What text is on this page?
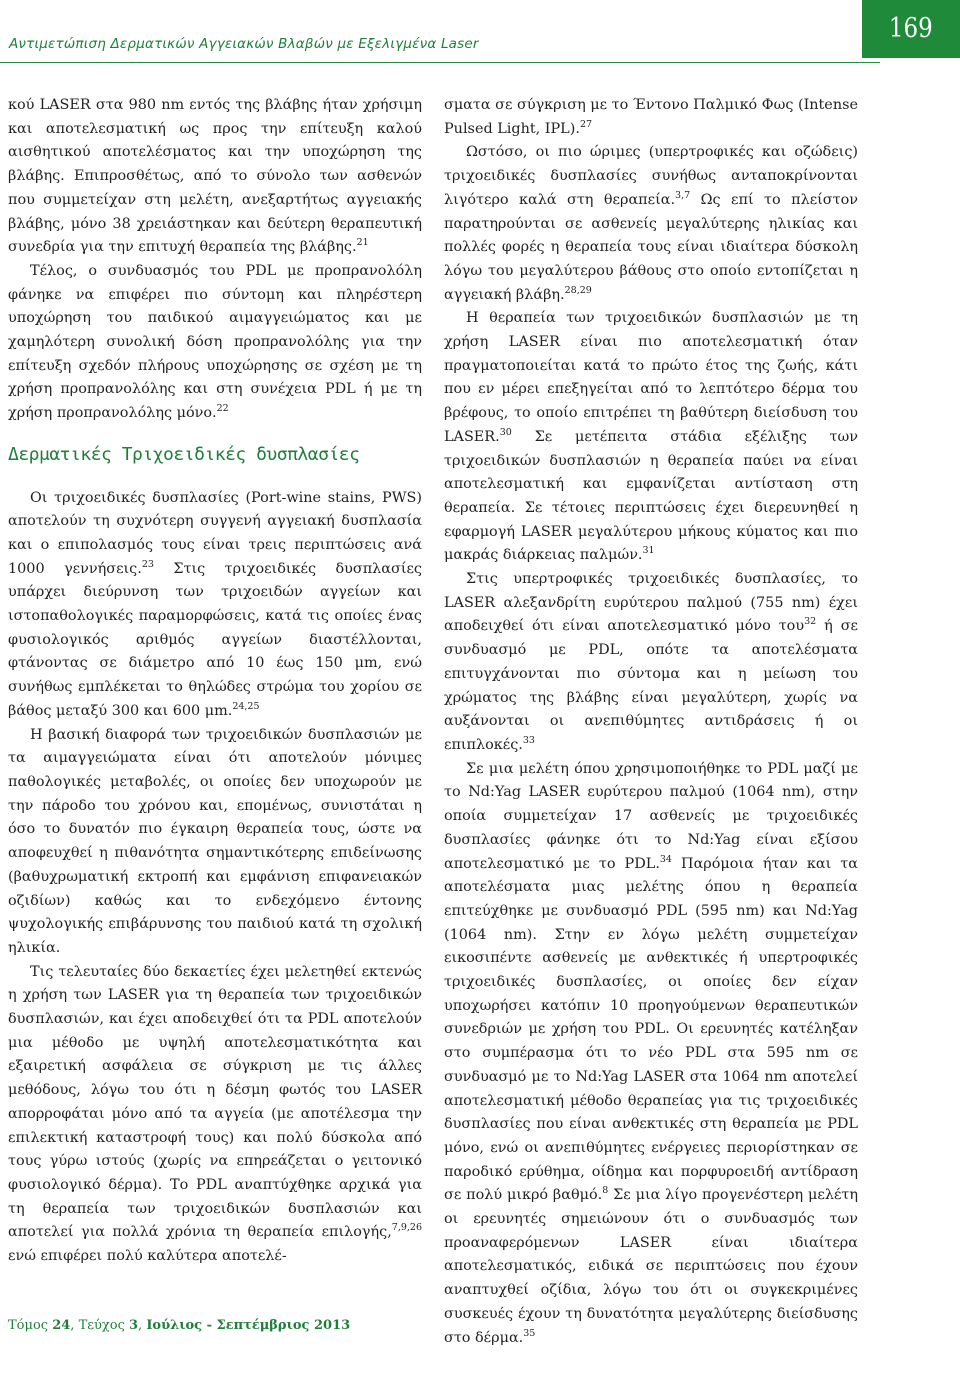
Αντιμετώπιση Δερματικών Αγγειακών Βλαβών με Εξελιγμένα Laser	169

κού LASER στα 980 nm εντός της βλάβης ήταν χρήσιμη και αποτελεσματική ως προς την επίτευξη καλού αισθητικού αποτελέσματος και την υποχώρηση της βλάβης. Επιπροσθέτως, από το σύνολο των ασθενών που συμμετείχαν στη μελέτη, ανεξαρτήτως αγγειακής βλάβης, μόνο 38 χρειάστηκαν και δεύτερη θεραπευτική συνεδρία για την επιτυχή θεραπεία της βλάβης.$^{21}$

Τέλος, ο συνδυασμός του PDL με προπρανολόλη φάνηκε να επιφέρει πιο σύντομη και πληρέστερη υποχώρηση του παιδικού αιμαγγειώματος και με χαμηλότερη συνολική δόση προπρανολόλης για την επίτευξη σχεδόν πλήρους υποχώρησης σε σχέση με τη χρήση προπρανολόλης και στη συνέχεια PDL ή με τη χρήση προπρανολόλης μόνο.$^{22}$

Δερματικές Τριχοειδικές δυσπλασίες

Οι τριχοειδικές δυσπλασίες (Port-wine stains, PWS) αποτελούν τη συχνότερη συγγενή αγγειακή δυσπλασία και ο επιπολασμός τους είναι τρεις περιπτώσεις ανά 1000 γεννήσεις.$^{23}$ Στις τριχοειδικές δυσπλασίες υπάρχει διεύρυνση των τριχοειδών αγγείων και ιστοπαθολογικές παραμορφώσεις, κατά τις οποίες ένας φυσιολογικός αριθμός αγγείων διαστέλλονται, φτάνοντας σε διάμετρο από 10 έως 150 μm, ενώ συνήθως εμπλέκεται το θηλώδες στρώμα του χορίου σε βάθος μεταξύ 300 και 600 μm.$^{24,25}$

Η βασική διαφορά των τριχοειδικών δυσπλασιών με τα αιμαγγειώματα είναι ότι αποτελούν μόνιμες παθολογικές μεταβολές, οι οποίες δεν υποχωρούν με την πάροδο του χρόνου και, επομένως, συνιστάται η όσο το δυνατόν πιο έγκαιρη θεραπεία τους, ώστε να αποφευχθεί η πιθανότητα σημαντικότερης επιδείνωσης (βαθυχρωματική εκτροπή και εμφάνιση επιφανειακών οζιδίων) καθώς και το ενδεχόμενο έντονης ψυχολογικής επιβάρυνσης του παιδιού κατά τη σχολική ηλικία.

Τις τελευταίες δύο δεκαετίες έχει μελετηθεί εκτενώς η χρήση των LASER για τη θεραπεία των τριχοειδικών δυσπλασιών, και έχει αποδειχθεί ότι τα PDL αποτελούν μια μέθοδο με υψηλή αποτελεσματικότητα και εξαιρετική ασφάλεια σε σύγκριση με τις άλλες μεθόδους, λόγω του ότι η δέσμη φωτός του LASER απορροφάται μόνο από τα αγγεία (με αποτέλεσμα την επιλεκτική καταστροφή τους) και πολύ δύσκολα από τους γύρω ιστούς (χωρίς να επηρεάζεται ο γειτονικό φυσιολογικό δέρμα). Το PDL αναπτύχθηκε αρχικά για τη θεραπεία των τριχοειδικών δυσπλασιών και αποτελεί για πολλά χρόνια τη θεραπεία επιλογής,$^{7,9,26}$ ενώ επιφέρει πολύ καλύτερα αποτελέ-

σματα σε σύγκριση με το Έντονο Παλμικό Φως (Intense Pulsed Light, IPL).$^{27}$

Ωστόσο, οι πιο ώριμες (υπερτροφικές και οζώδεις) τριχοειδικές δυσπλασίες συνήθως ανταποκρίνονται λιγότερο καλά στη θεραπεία.$^{3,7}$ Ως επί το πλείστον παρατηρούνται σε ασθενείς μεγαλύτερης ηλικίας και πολλές φορές η θεραπεία τους είναι ιδιαίτερα δύσκολη λόγω του μεγαλύτερου βάθους στο οποίο εντοπίζεται η αγγειακή βλάβη.$^{28,29}$

Η θεραπεία των τριχοειδικών δυσπλασιών με τη χρήση LASER είναι πιο αποτελεσματική όταν πραγματοποιείται κατά το πρώτο έτος της ζωής, κάτι που εν μέρει επεξηγείται από το λεπτότερο δέρμα του βρέφους, το οποίο επιτρέπει τη βαθύτερη διείσδυση του LASER.$^{30}$ Σε μετέπειτα στάδια εξέλιξης των τριχοειδικών δυσπλασιών η θεραπεία παύει να είναι αποτελεσματική και εμφανίζεται αντίσταση στη θεραπεία. Σε τέτοιες περιπτώσεις έχει διερευνηθεί η εφαρμογή LASER μεγαλύτερου μήκους κύματος και πιο μακράς διάρκειας παλμών.$^{31}$

Στις υπερτροφικές τριχοειδικές δυσπλασίες, το LASER αλεξανδρίτη ευρύτερου παλμού (755 nm) έχει αποδειχθεί ότι είναι αποτελεσματικό μόνο του$^{32}$ ή σε συνδυασμό με PDL, οπότε τα αποτελέσματα επιτυγχάνονται πιο σύντομα και η μείωση του χρώματος της βλάβης είναι μεγαλύτερη, χωρίς να αυξάνονται οι ανεπιθύμητες αντιδράσεις ή οι επιπλοκές.$^{33}$

Σε μια μελέτη όπου χρησιμοποιήθηκε το PDL μαζί με το Nd:Yag LASER ευρύτερου παλμού (1064 nm), στην οποία συμμετείχαν 17 ασθενείς με τριχοειδικές δυσπλασίες φάνηκε ότι το Nd:Yag είναι εξίσου αποτελεσματικό με το PDL.$^{34}$ Παρόμοια ήταν και τα αποτελέσματα μιας μελέτης όπου η θεραπεία επιτεύχθηκε με συνδυασμό PDL (595 nm) και Nd:Yag (1064 nm). Στην εν λόγω μελέτη συμμετείχαν εικοσιπέντε ασθενείς με ανθεκτικές ή υπερτροφικές τριχοειδικές δυσπλασίες, οι οποίες δεν είχαν υποχωρήσει κατόπιν 10 προηγούμενων θεραπευτικών συνεδριών με χρήση του PDL. Οι ερευνητές κατέληξαν στο συμπέρασμα ότι το νέο PDL στα 595 nm σε συνδυασμό με το Nd:Yag LASER στα 1064 nm αποτελεί αποτελεσματική μέθοδο θεραπείας για τις τριχοειδικές δυσπλασίες που είναι ανθεκτικές στη θεραπεία με PDL μόνο, ενώ οι ανεπιθύμητες ενέργειες περιορίστηκαν σε παροδικό ερύθημα, οίδημα και πορφυροειδή αντίδραση σε πολύ μικρό βαθμό.$^8$ Σε μια λίγο προγενέστερη μελέτη οι ερευνητές σημειώνουν ότι ο συνδυασμός των προαναφερόμενων LASER είναι ιδιαίτερα αποτελεσματικός, ειδικά σε περιπτώσεις που έχουν αναπτυχθεί οζίδια, λόγω του ότι οι συγκεκριμένες συσκευές έχουν τη δυνατότητα μεγαλύτερης διείσδυσης στο δέρμα.$^{35}$

Τόμος 24, Τεύχος 3, Ιούλιος - Σεπτέμβριος 2013
